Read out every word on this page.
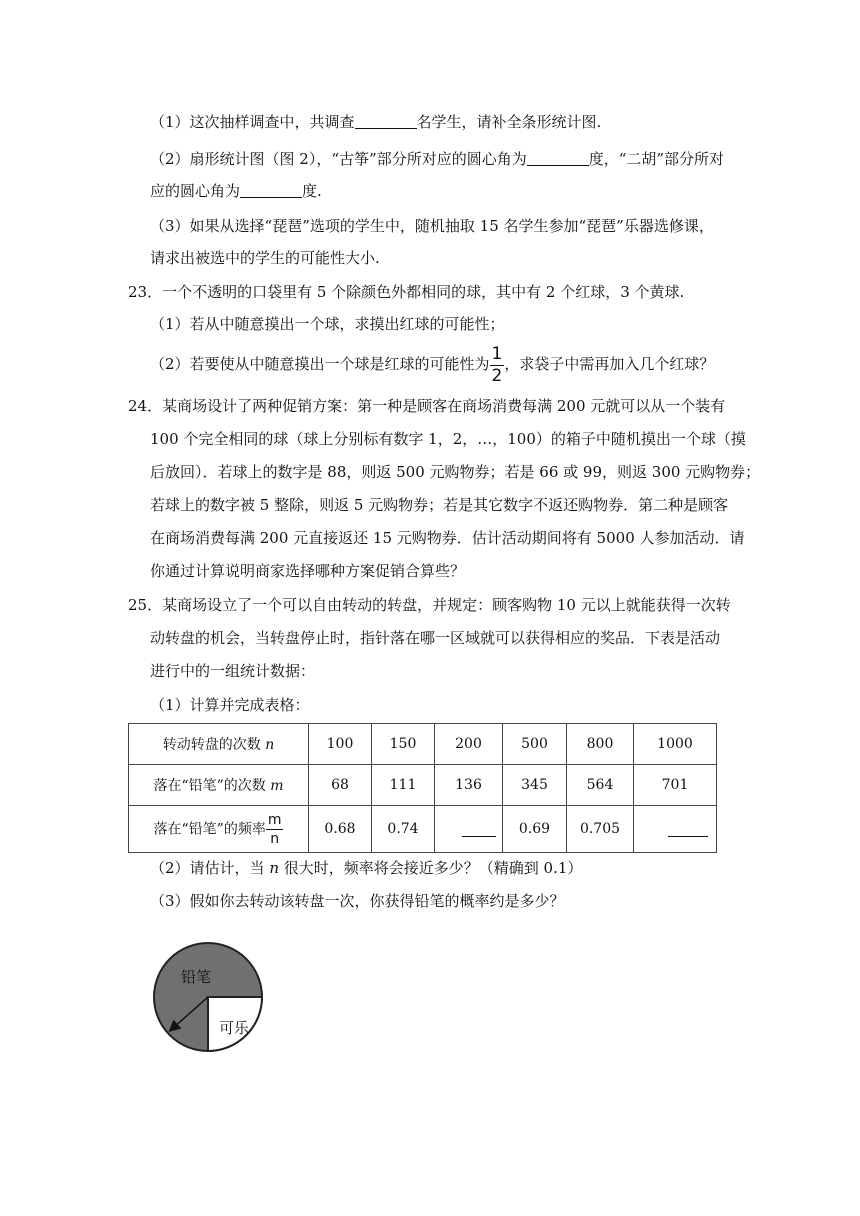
（1）这次抽样调查中，共调查	名学生，请补全条形统计图.
（2）扇形统计图（图 2），“古筝”部分所对应的圆心角为	度，“二胡”部分所对
应的圆心角为	度.
（3）如果从选择“琵琶”选项的学生中，随机抽取 15 名学生参加“琵琶”乐器选修课，
请求出被选中的学生的可能性大小.
23．一个不透明的口袋里有 5 个除颜色外都相同的球，其中有 2 个红球，3 个黄球.
（1）若从中随意摸出一个球，求摸出红球的可能性；
（2）若要使从中随意摸出一个球是红球的可能性为 $\frac{1}{2}$ ，求袋子中需再加入几个红球？
24．某商场设计了两种促销方案：第一种是顾客在商场消费每满 200 元就可以从一个装有
100 个完全相同的球（球上分别标有数字 1，2，…，100）的箱子中随机摸出一个球（摸
后放回）．若球上的数字是 88，则返 500 元购物券；若是 66 或 99，则返 300 元购物券；
若球上的数字被 5 整除，则返 5 元购物券；若是其它数字不返还购物券．第二种是顾客
在商场消费每满 200 元直接返还 15 元购物券．估计活动期间将有 5000 人参加活动．请
你通过计算说明商家选择哪种方案促销合算些？
25．某商场设立了一个可以自由转动的转盘，并规定：顾客购物 10 元以上就能获得一次转
动转盘的机会，当转盘停止时，指针落在哪一区域就可以获得相应的奖品．下表是活动
进行中的一组统计数据：
（1）计算并完成表格：
转动转盘的次数 n	100	150	200	500	800	1000
落在“铅笔”的次数 m	68	111	136	345	564	701
落在“铅笔”的频率 $\frac{m}{n}$	0.68	0.74		0.69	0.705	
（2）请估计，当 n 很大时，频率将会接近多少？（精确到 0.1）
（3）假如你去转动该转盘一次，你获得铅笔的概率约是多少？
铅笔
可乐
